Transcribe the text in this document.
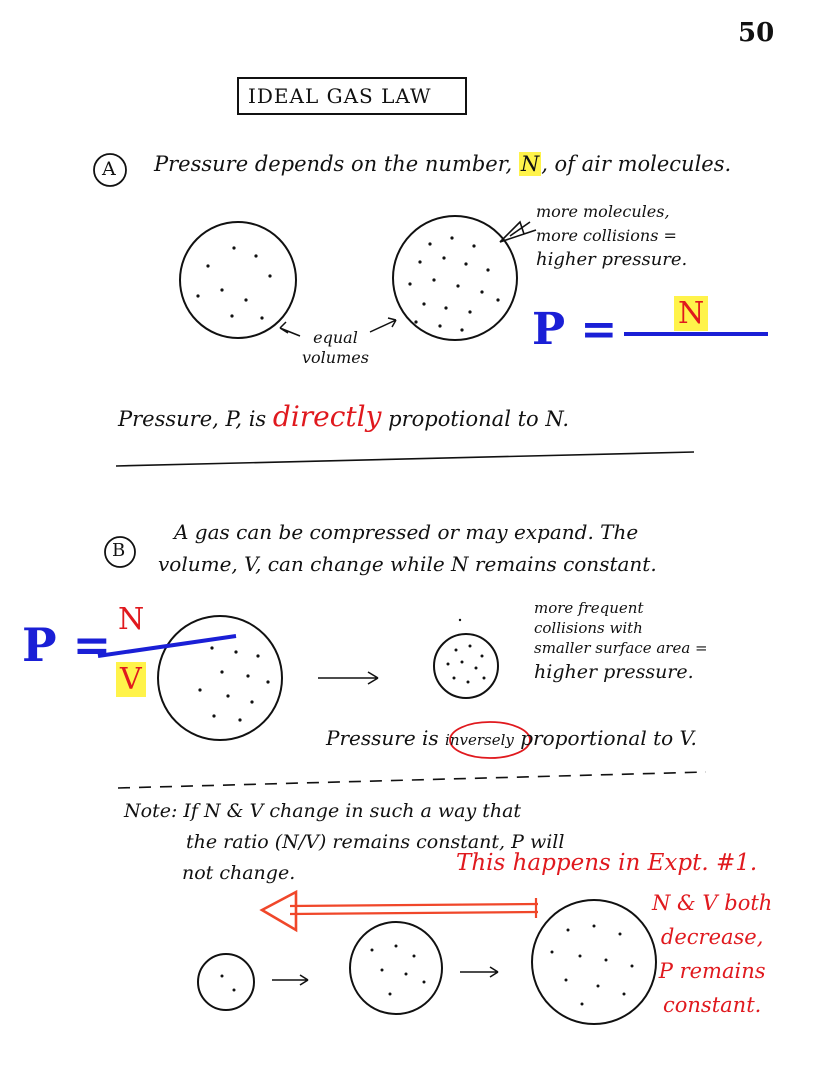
50
IDEAL GAS LAW
A Pressure depends on the number, N, of air molecules.
more molecules,
more collisions =
higher pressure.
equal
volumes
P = N
Pressure, P, is directly propotional to N.
B
A gas can be compressed or may expand. The
volume, V, can change while N remains constant.
P = N
V
more frequent
collisions with
smaller surface area =
higher pressure.
Pressure is inversely proportional to V.
Note: If N & V change in such a way that
the ratio (N/V) remains constant, P will
not change.	This happens in Expt. #1.
N & V both
decrease,
P remains
constant.
